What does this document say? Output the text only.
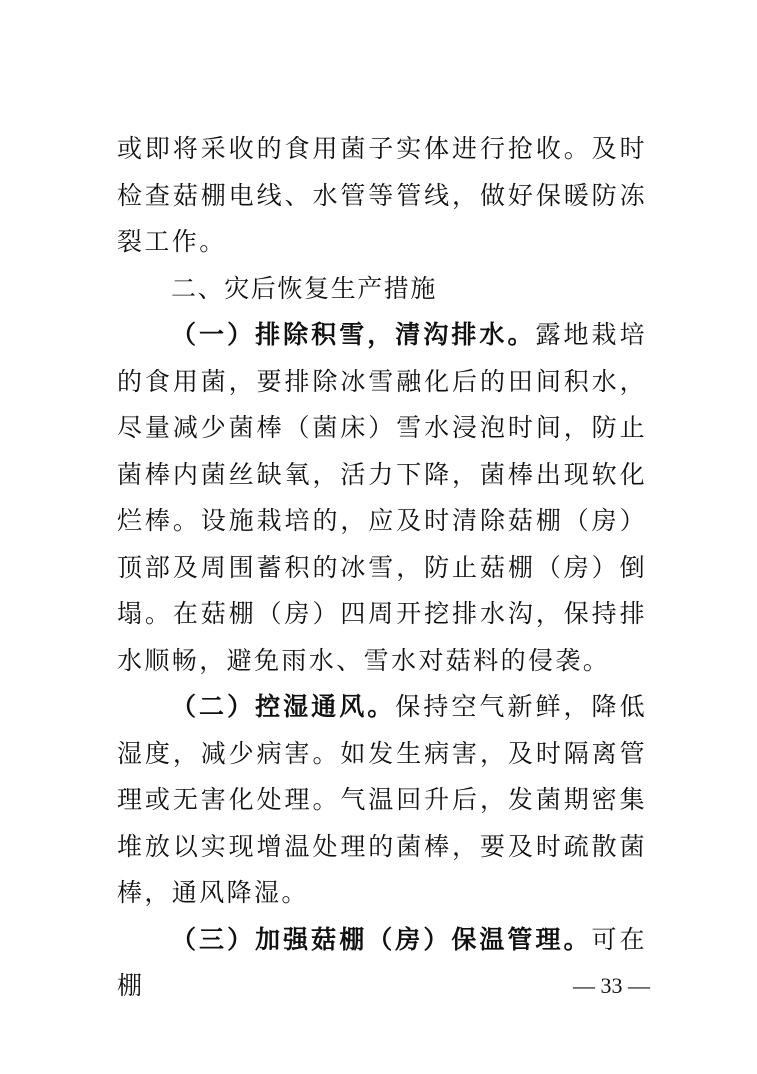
或即将采收的食用菌子实体进行抢收。及时检查菇棚电线、水管等管线，做好保暖防冻裂工作。

二、灾后恢复生产措施

（一）排除积雪，清沟排水。露地栽培的食用菌，要排除冰雪融化后的田间积水，尽量减少菌棒（菌床）雪水浸泡时间，防止菌棒内菌丝缺氧，活力下降，菌棒出现软化烂棒。设施栽培的，应及时清除菇棚（房）顶部及周围蓄积的冰雪，防止菇棚（房）倒塌。在菇棚（房）四周开挖排水沟，保持排水顺畅，避免雨水、雪水对菇料的侵袭。

（二）控湿通风。保持空气新鲜，降低湿度，减少病害。如发生病害，及时隔离管理或无害化处理。气温回升后，发菌期密集堆放以实现增温处理的菌棒，要及时疏散菌棒，通风降湿。

（三）加强菇棚（房）保温管理。可在棚	— 33 —
